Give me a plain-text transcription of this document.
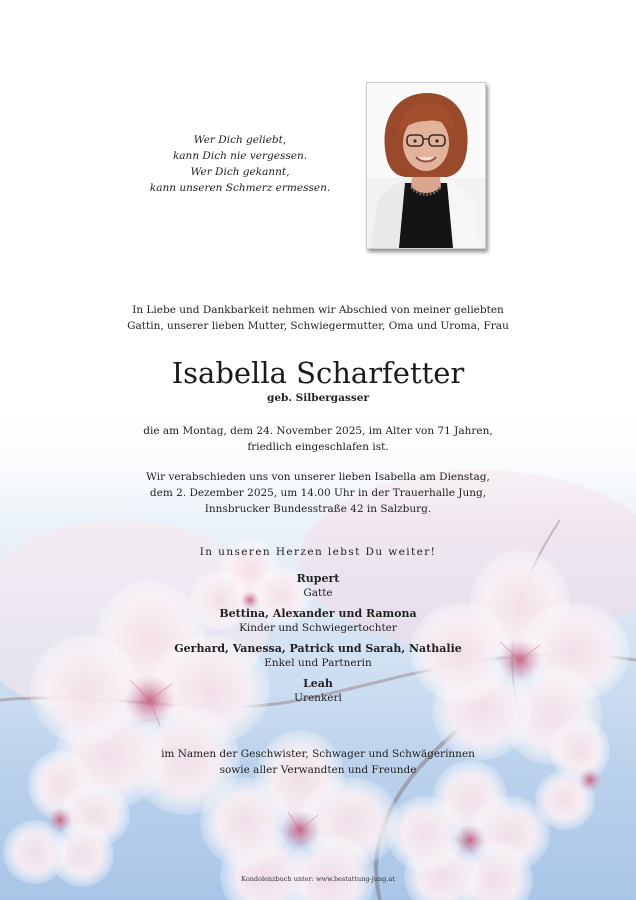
Wer Dich geliebt,
kann Dich nie vergessen.
Wer Dich gekannt,
kann unseren Schmerz ermessen.
In Liebe und Dankbarkeit nehmen wir Abschied von meiner geliebten
Gattin, unserer lieben Mutter, Schwiegermutter, Oma und Uroma, Frau
Isabella Scharfetter
geb. Silbergasser
die am Montag, dem 24. November 2025, im Alter von 71 Jahren,
friedlich eingeschlafen ist.
Wir verabschieden uns von unserer lieben Isabella am Dienstag,
dem 2. Dezember 2025, um 14.00 Uhr in der Trauerhalle Jung,
Innsbrucker Bundesstraße 42 in Salzburg.
In unseren Herzen lebst Du weiter!
Rupert
Gatte
Bettina, Alexander und Ramona
Kinder und Schwiegertochter
Gerhard, Vanessa, Patrick und Sarah, Nathalie
Enkel und Partnerin
Leah
Urenkerl
im Namen der Geschwister, Schwager und Schwägerinnen
sowie aller Verwandten und Freunde
Kondolenzbuch unter: www.bestattung-jung.at
